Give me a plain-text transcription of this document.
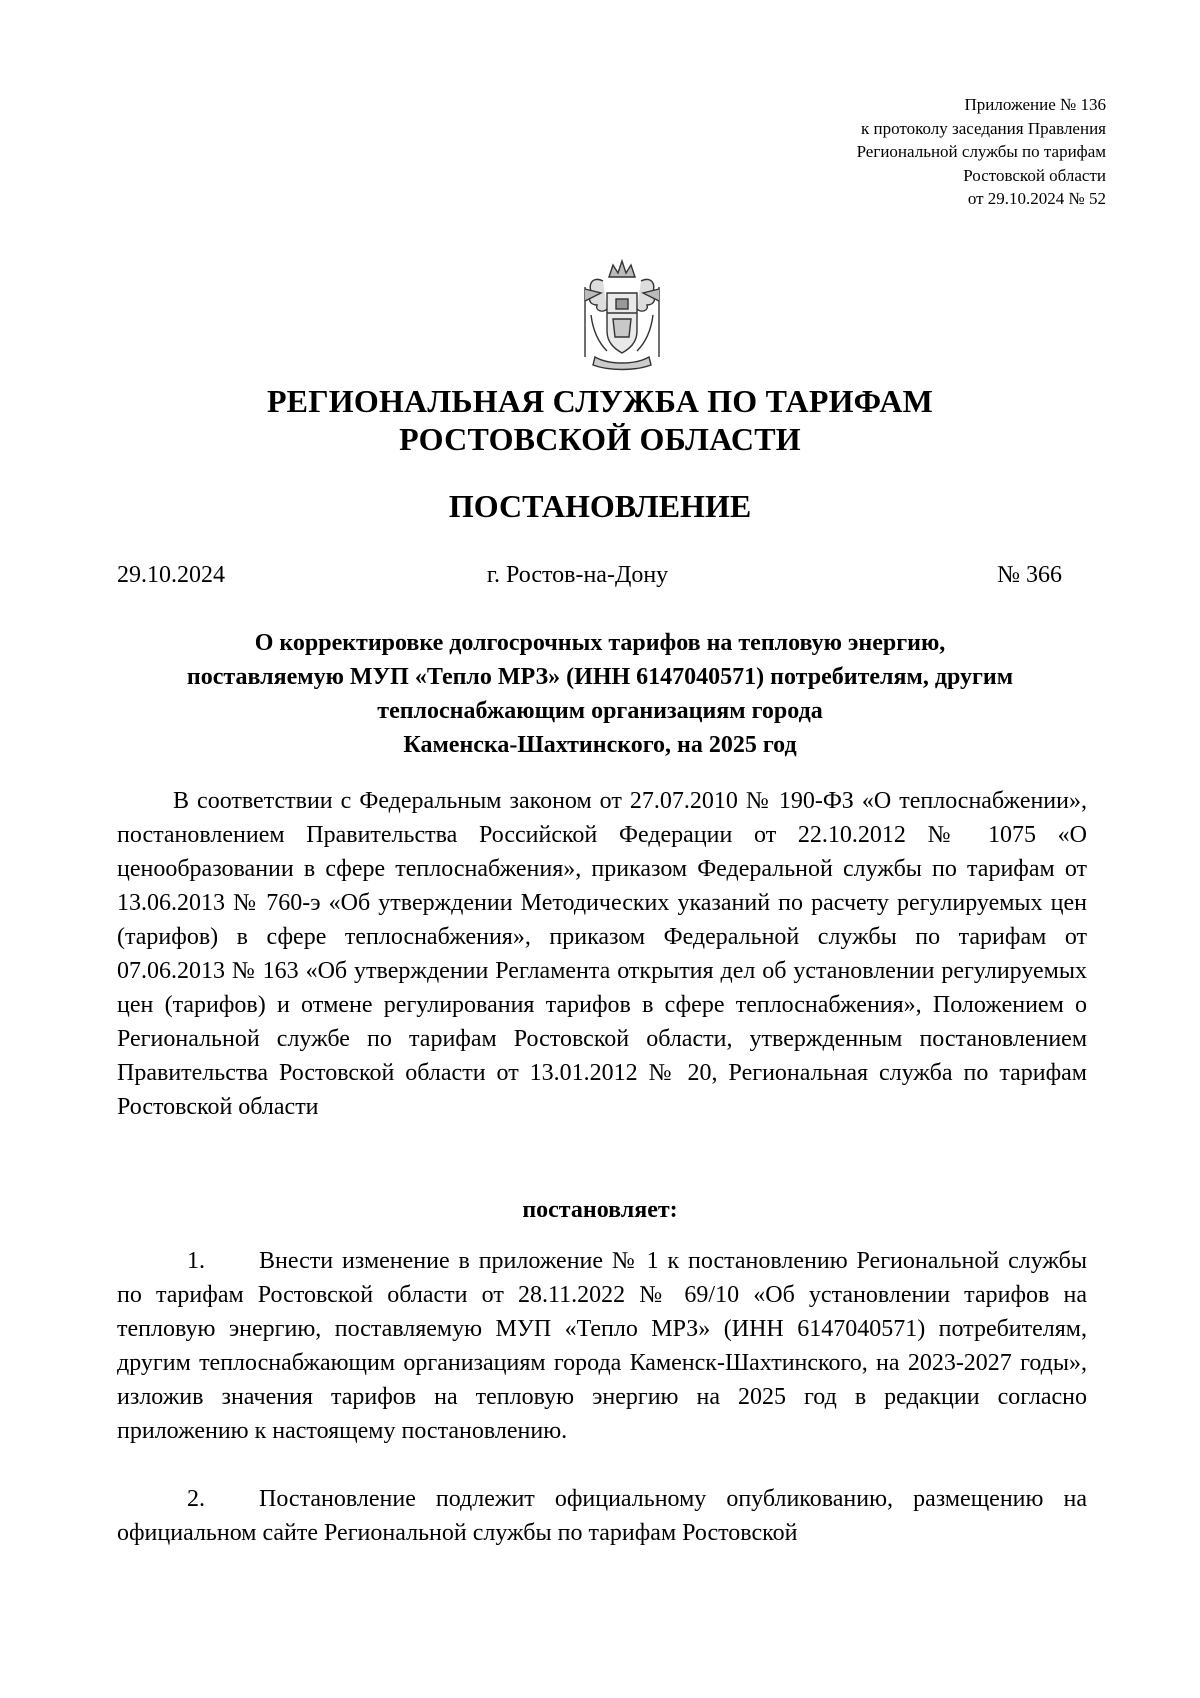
Приложение № 136
к протоколу заседания Правления
Региональной службы по тарифам
Ростовской области
от 29.10.2024 № 52
РЕГИОНАЛЬНАЯ СЛУЖБА ПО ТАРИФАМ
РОСТОВСКОЙ ОБЛАСТИ
ПОСТАНОВЛЕНИЕ
29.10.2024	г. Ростов-на-Дону	№ 366
О корректировке долгосрочных тарифов на тепловую энергию,
поставляемую МУП «Тепло МРЗ» (ИНН 6147040571) потребителям, другим
теплоснабжающим организациям города
Каменска-Шахтинского, на 2025 год
В соответствии с Федеральным законом от 27.07.2010 № 190-ФЗ «О теплоснабжении», постановлением Правительства Российской Федерации от 22.10.2012 № 1075 «О ценообразовании в сфере теплоснабжения», приказом Федеральной службы по тарифам от 13.06.2013 № 760-э «Об утверждении Методических указаний по расчету регулируемых цен (тарифов) в сфере теплоснабжения», приказом Федеральной службы по тарифам от 07.06.2013 № 163 «Об утверждении Регламента открытия дел об установлении регулируемых цен (тарифов) и отмене регулирования тарифов в сфере теплоснабжения», Положением о Региональной службе по тарифам Ростовской области, утвержденным постановлением Правительства Ростовской области от 13.01.2012 № 20, Региональная служба по тарифам Ростовской области
постановляет:
1. Внести изменение в приложение № 1 к постановлению Региональной службы по тарифам Ростовской области от 28.11.2022 № 69/10 «Об установлении тарифов на тепловую энергию, поставляемую МУП «Тепло МРЗ» (ИНН 6147040571) потребителям, другим теплоснабжающим организациям города Каменск-Шахтинского, на 2023-2027 годы», изложив значения тарифов на тепловую энергию на 2025 год в редакции согласно приложению к настоящему постановлению.
2. Постановление подлежит официальному опубликованию, размещению на официальном сайте Региональной службы по тарифам Ростовской
